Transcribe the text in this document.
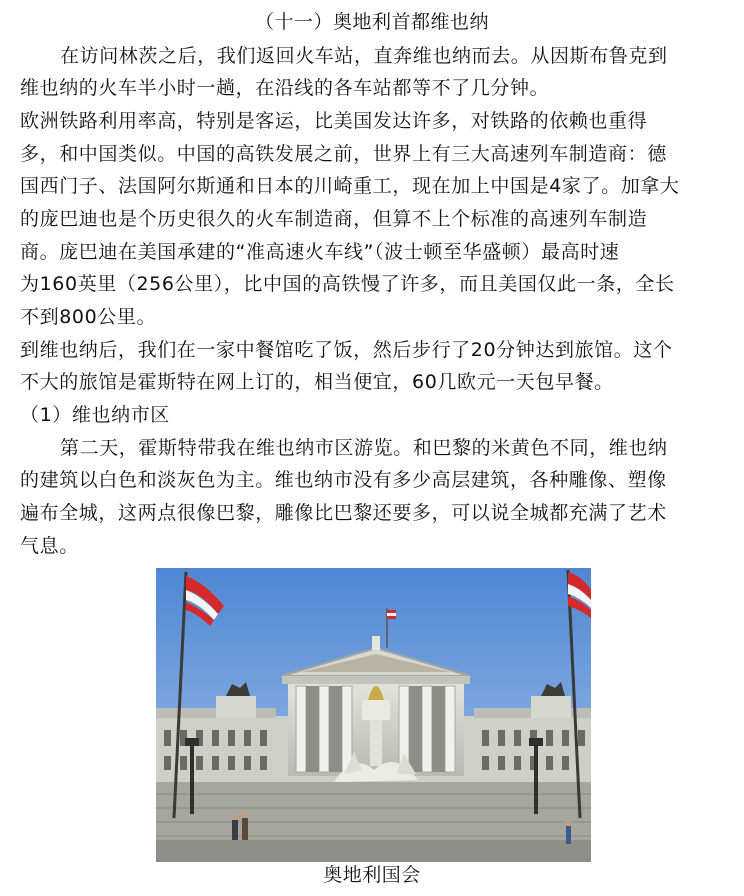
（十一）奥地利首都维也纳
在访问林茨之后，我们返回火车站，直奔维也纳而去。从因斯布鲁克到
维也纳的火车半小时一趟，在沿线的各车站都等不了几分钟。
欧洲铁路利用率高，特别是客运，比美国发达许多，对铁路的依赖也重得
多，和中国类似。中国的高铁发展之前，世界上有三大高速列车制造商：德
国西门子、法国阿尔斯通和日本的川崎重工，现在加上中国是4家了。加拿大
的庞巴迪也是个历史很久的火车制造商，但算不上个标准的高速列车制造
商。庞巴迪在美国承建的“准高速火车线”（波士顿至华盛顿）最高时速
为160英里（256公里），比中国的高铁慢了许多，而且美国仅此一条，全长
不到800公里。
到维也纳后，我们在一家中餐馆吃了饭，然后步行了20分钟达到旅馆。这个
不大的旅馆是霍斯特在网上订的，相当便宜，60几欧元一天包早餐。
（1）维也纳市区
第二天，霍斯特带我在维也纳市区游览。和巴黎的米黄色不同，维也纳
的建筑以白色和淡灰色为主。维也纳市没有多少高层建筑，各种雕像、塑像
遍布全城，这两点很像巴黎，雕像比巴黎还要多，可以说全城都充满了艺术
气息。
奥地利国会
